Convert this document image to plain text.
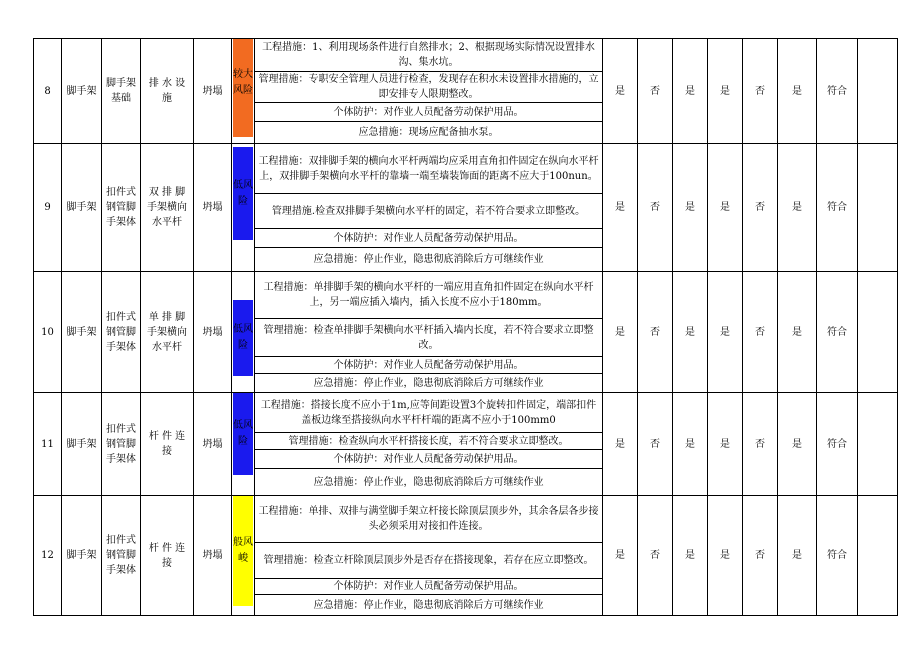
8	脚手架	脚手架基础	排 水 设施	坍塌	较大风险	工程措施：1、利用现场条件进行自然排水；2、根据现场实际情况设置排水沟、集水坑。	是	否	是	是	否	是	符合	
						管理措施：专职安全管理人员进行检查，发现存在积水未设置排水措施的，立即安排专人限期整改。								
						个体防护：对作业人员配备劳动保护用品。								
						应急措施：现场应配备抽水泵。								
9	脚手架	扣件式钢管脚手架体	双 排 脚手架横向水平杆	坍塌	低风险	工程措施：双排脚手架的横向水平杆两端均应采用直角扣件固定在纵向水平杆上，双排脚手架横向水平杆的靠墙一端至墙装饰面的距离不应大于100nun。	是	否	是	是	否	是	符合	
						管理措施.检查双排脚手架横向水平杆的固定，若不符合要求立即整改。								
						个体防护：对作业人员配备劳动保护用品。								
						应急措施：停止作业，隐患彻底消除后方可继续作业								
10	脚手架	扣件式钢管脚手架体	单 排 脚手架横向水平杆	坍塌	低风险	工程措施：单排脚手架的横向水平杆的一端应用直角扣件固定在纵向水平杆上，另一端应插入墙内，插入长度不应小于180mm。	是	否	是	是	否	是	符合	
						管理措施：检查单排脚手架横向水平杆插入墙内长度，若不符合要求立即整改。								
						个体防护：对作业人员配备劳动保护用品。								
						应急措施：停止作业，隐患彻底消除后方可继续作业								
11	脚手架	扣件式钢管脚手架体	杆 件 连接	坍塌	低风险	工程措施：搭接长度不应小于1m,应等间距设置3个旋转扣件固定，端部扣件盖板边缘至搭接纵向水平杆杆端的距离不应小于100mm0	是	否	是	是	否	是	符合	
						管理措施：检查纵向水平杆搭接长度，若不符合要求立即整改。								
						个体防护：对作业人员配备劳动保护用品。								
						应急措施：停止作业，隐患彻底消除后方可继续作业								
12	脚手架	扣件式钢管脚手架体	杆 件 连接	坍塌	般风峻	工程措施：单排、双排与满堂脚手架立杆接长除顶层顶步外，其余各层各步接头必须采用对接扣件连接。	是	否	是	是	否	是	符合	
						管理措施：检查立杆除顶层顶步外是否存在搭接现象，若存在应立即整改。								
						个体防护：对作业人员配备劳动保护用品。								
						应急措施：停止作业，隐患彻底消除后方可继续作业								
